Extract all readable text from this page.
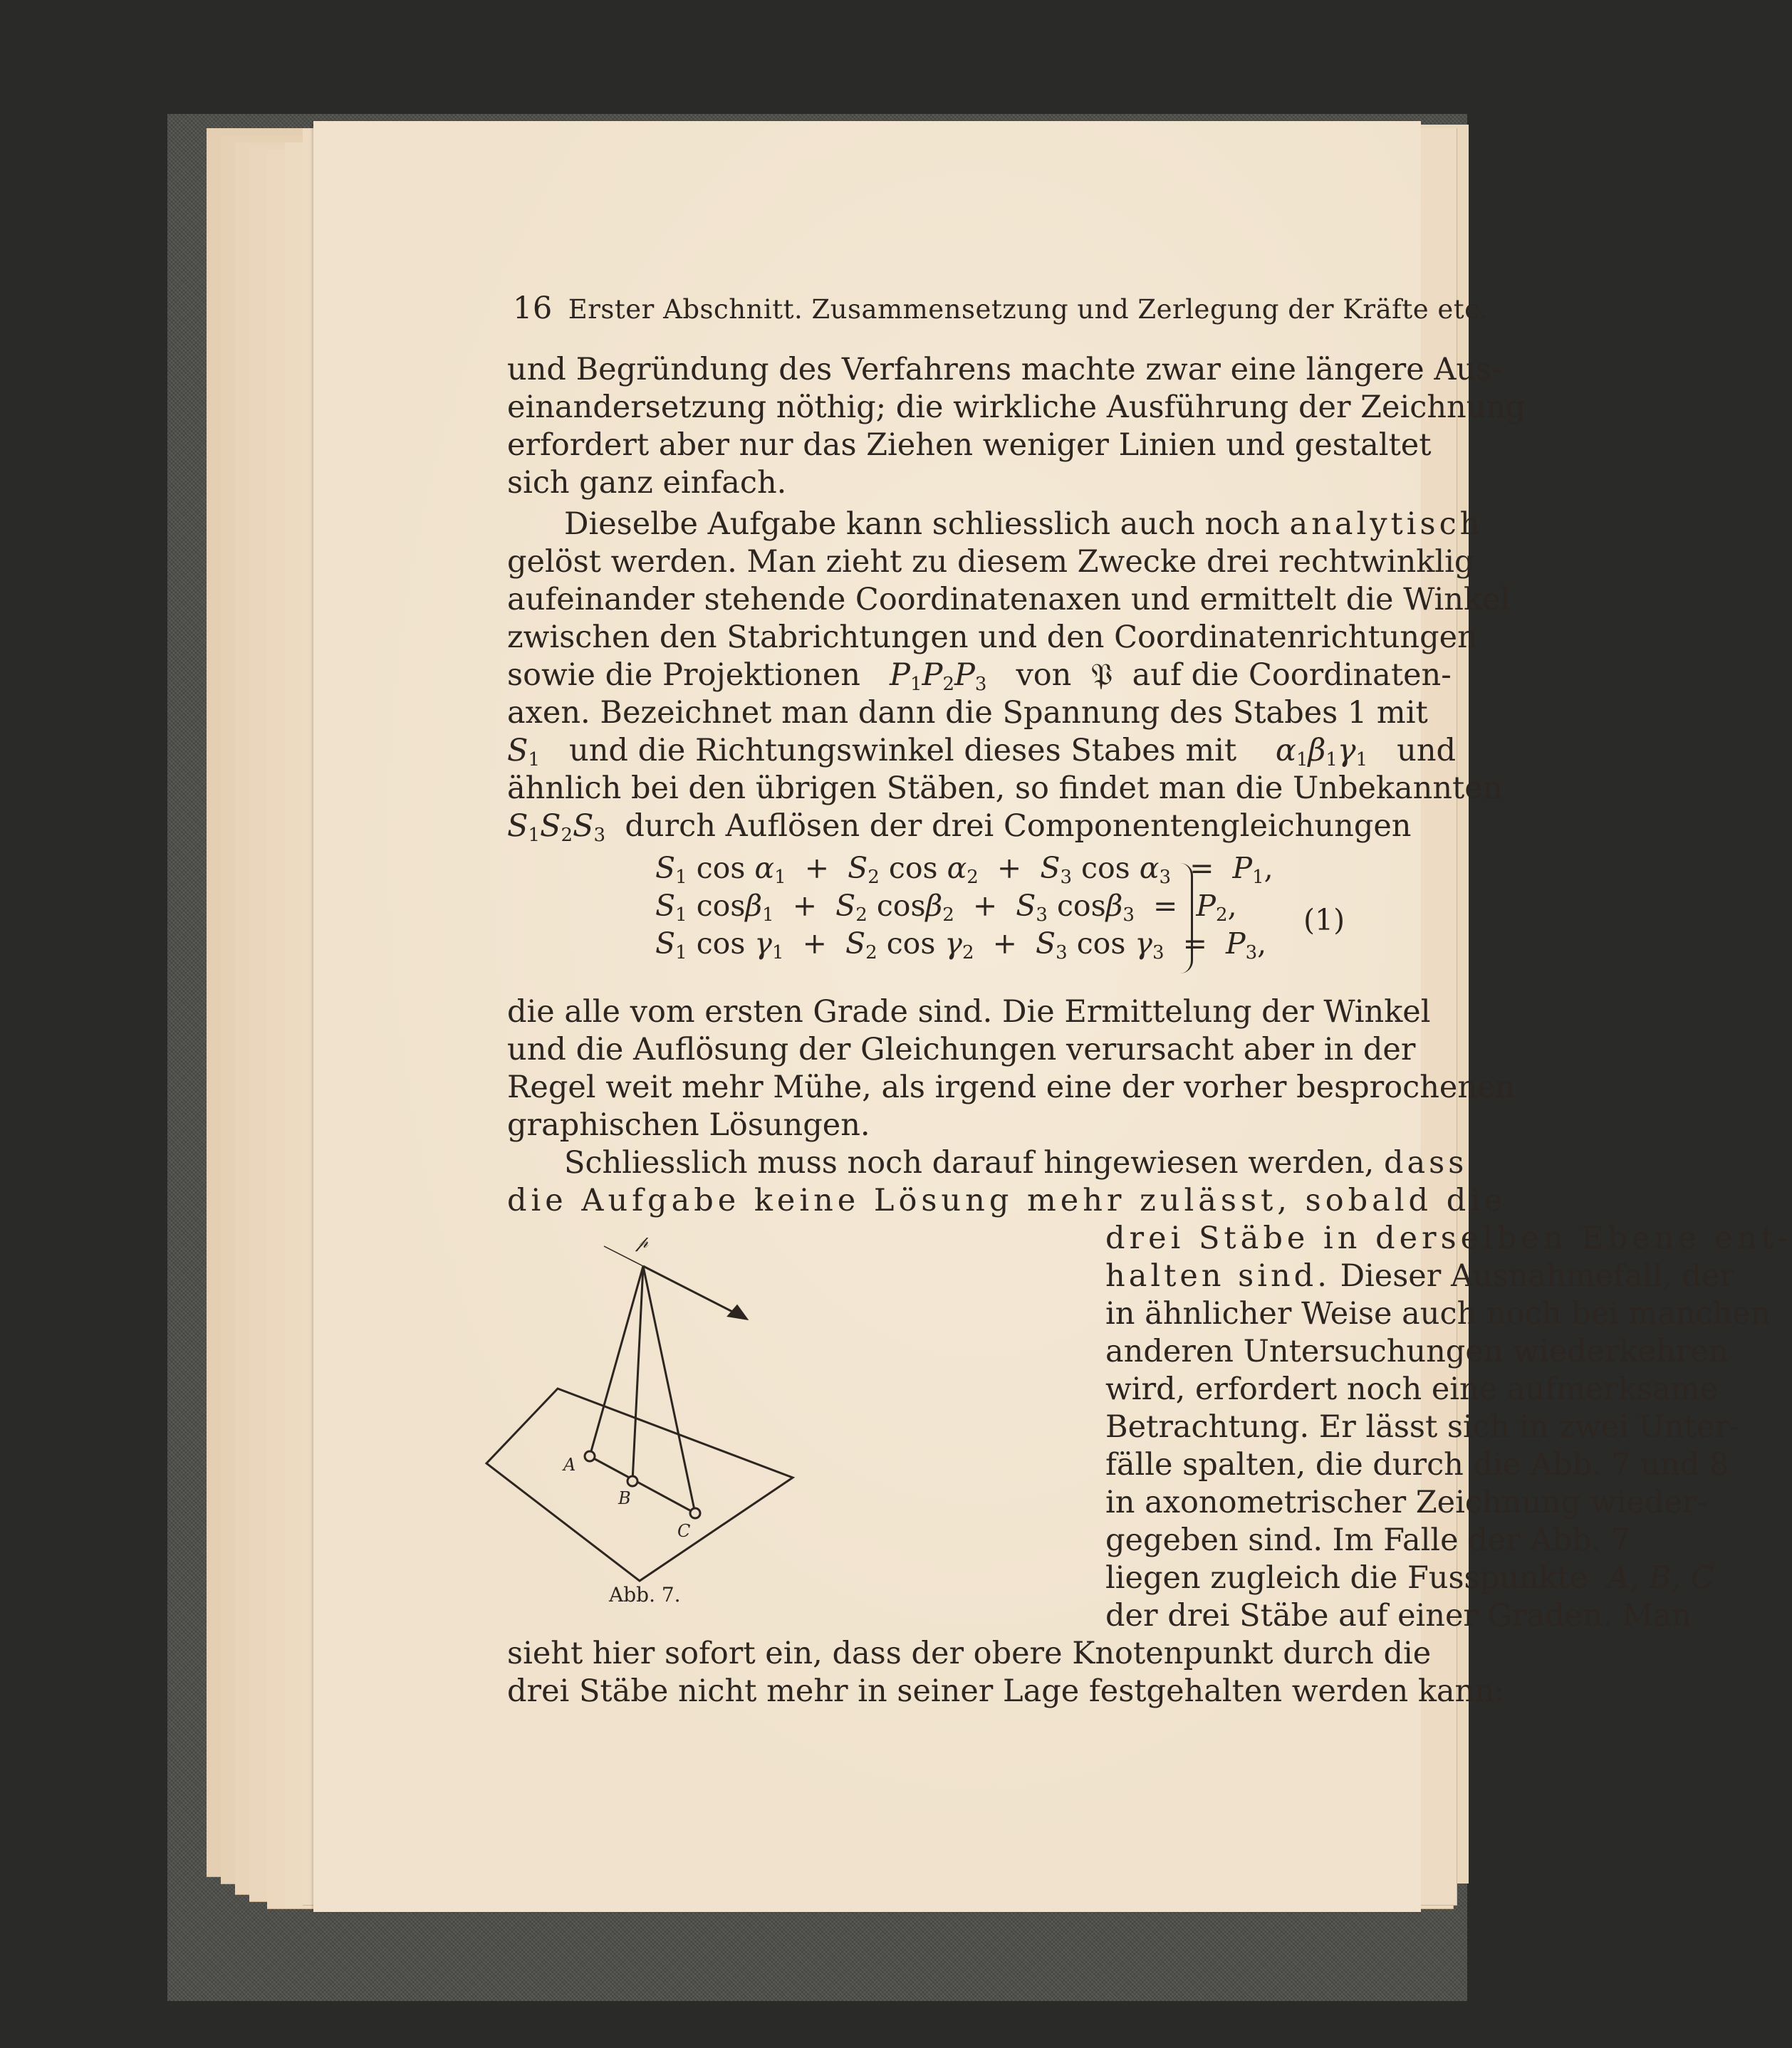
16 Erster Abschnitt. Zusammensetzung und Zerlegung der Kräfte etc.
und Begründung des Verfahrens machte zwar eine längere Aus-
einandersetzung nöthig; die wirkliche Ausführung der Zeichnung
erfordert aber nur das Ziehen weniger Linien und gestaltet
sich ganz einfach.
Dieselbe Aufgabe kann schliesslich auch noch analytisch
gelöst werden. Man zieht zu diesem Zwecke drei rechtwinklig
aufeinander stehende Coordinatenaxen und ermittelt die Winkel
zwischen den Stabrichtungen und den Coordinatenrichtungen
sowie die Projektionen $P_1P_2P_3$ von 𝔓 auf die Coordinaten-
axen. Bezeichnet man dann die Spannung des Stabes 1 mit
$S_1$ und die Richtungswinkel dieses Stabes mit $\alpha_1\beta_1\gamma_1$ und
ähnlich bei den übrigen Stäben, so findet man die Unbekannten
$S_1S_2S_3$ durch Auflösen der drei Componentengleichungen
$S_1$ $\cos \alpha_1 + S_2$ $\cos \alpha_2 + S_3$ $\cos \alpha_3 = P_1$,
$S_1$ $\cos\beta_1 + S_2$ $\cos\beta_2 + S_3$ $\cos\beta_3 = P_2$,
$S_1$ $\cos \gamma_1 + S_2$ $\cos \gamma_2 + S_3$ $\cos \gamma_3 = P_3$,
(1)
die alle vom ersten Grade sind. Die Ermittelung der Winkel
und die Auflösung der Gleichungen verursacht aber in der
Regel weit mehr Mühe, als irgend eine der vorher besprochenen
graphischen Lösungen.
Schliesslich muss noch darauf hingewiesen werden, dass
die Aufgabe keine Lösung mehr zulässt, sobald die
drei Stäbe in derselben Ebene ent-
halten sind. Dieser Ausnahmefall, der
in ähnlicher Weise auch noch bei manchen
anderen Untersuchungen wiederkehren
wird, erfordert noch eine aufmerksame
Betrachtung. Er lässt sich in zwei Unter-
fälle spalten, die durch die Abb. 7 und 8
in axonometrischer Zeichnung wieder-
gegeben sind. Im Falle der Abb. 7
liegen zugleich die Fusspunkte A, B, C
der drei Stäbe auf einer Graden. Man
sieht hier sofort ein, dass der obere Knotenpunkt durch die
drei Stäbe nicht mehr in seiner Lage festgehalten werden kann:
𝓅
A
B
C
Abb. 7.
